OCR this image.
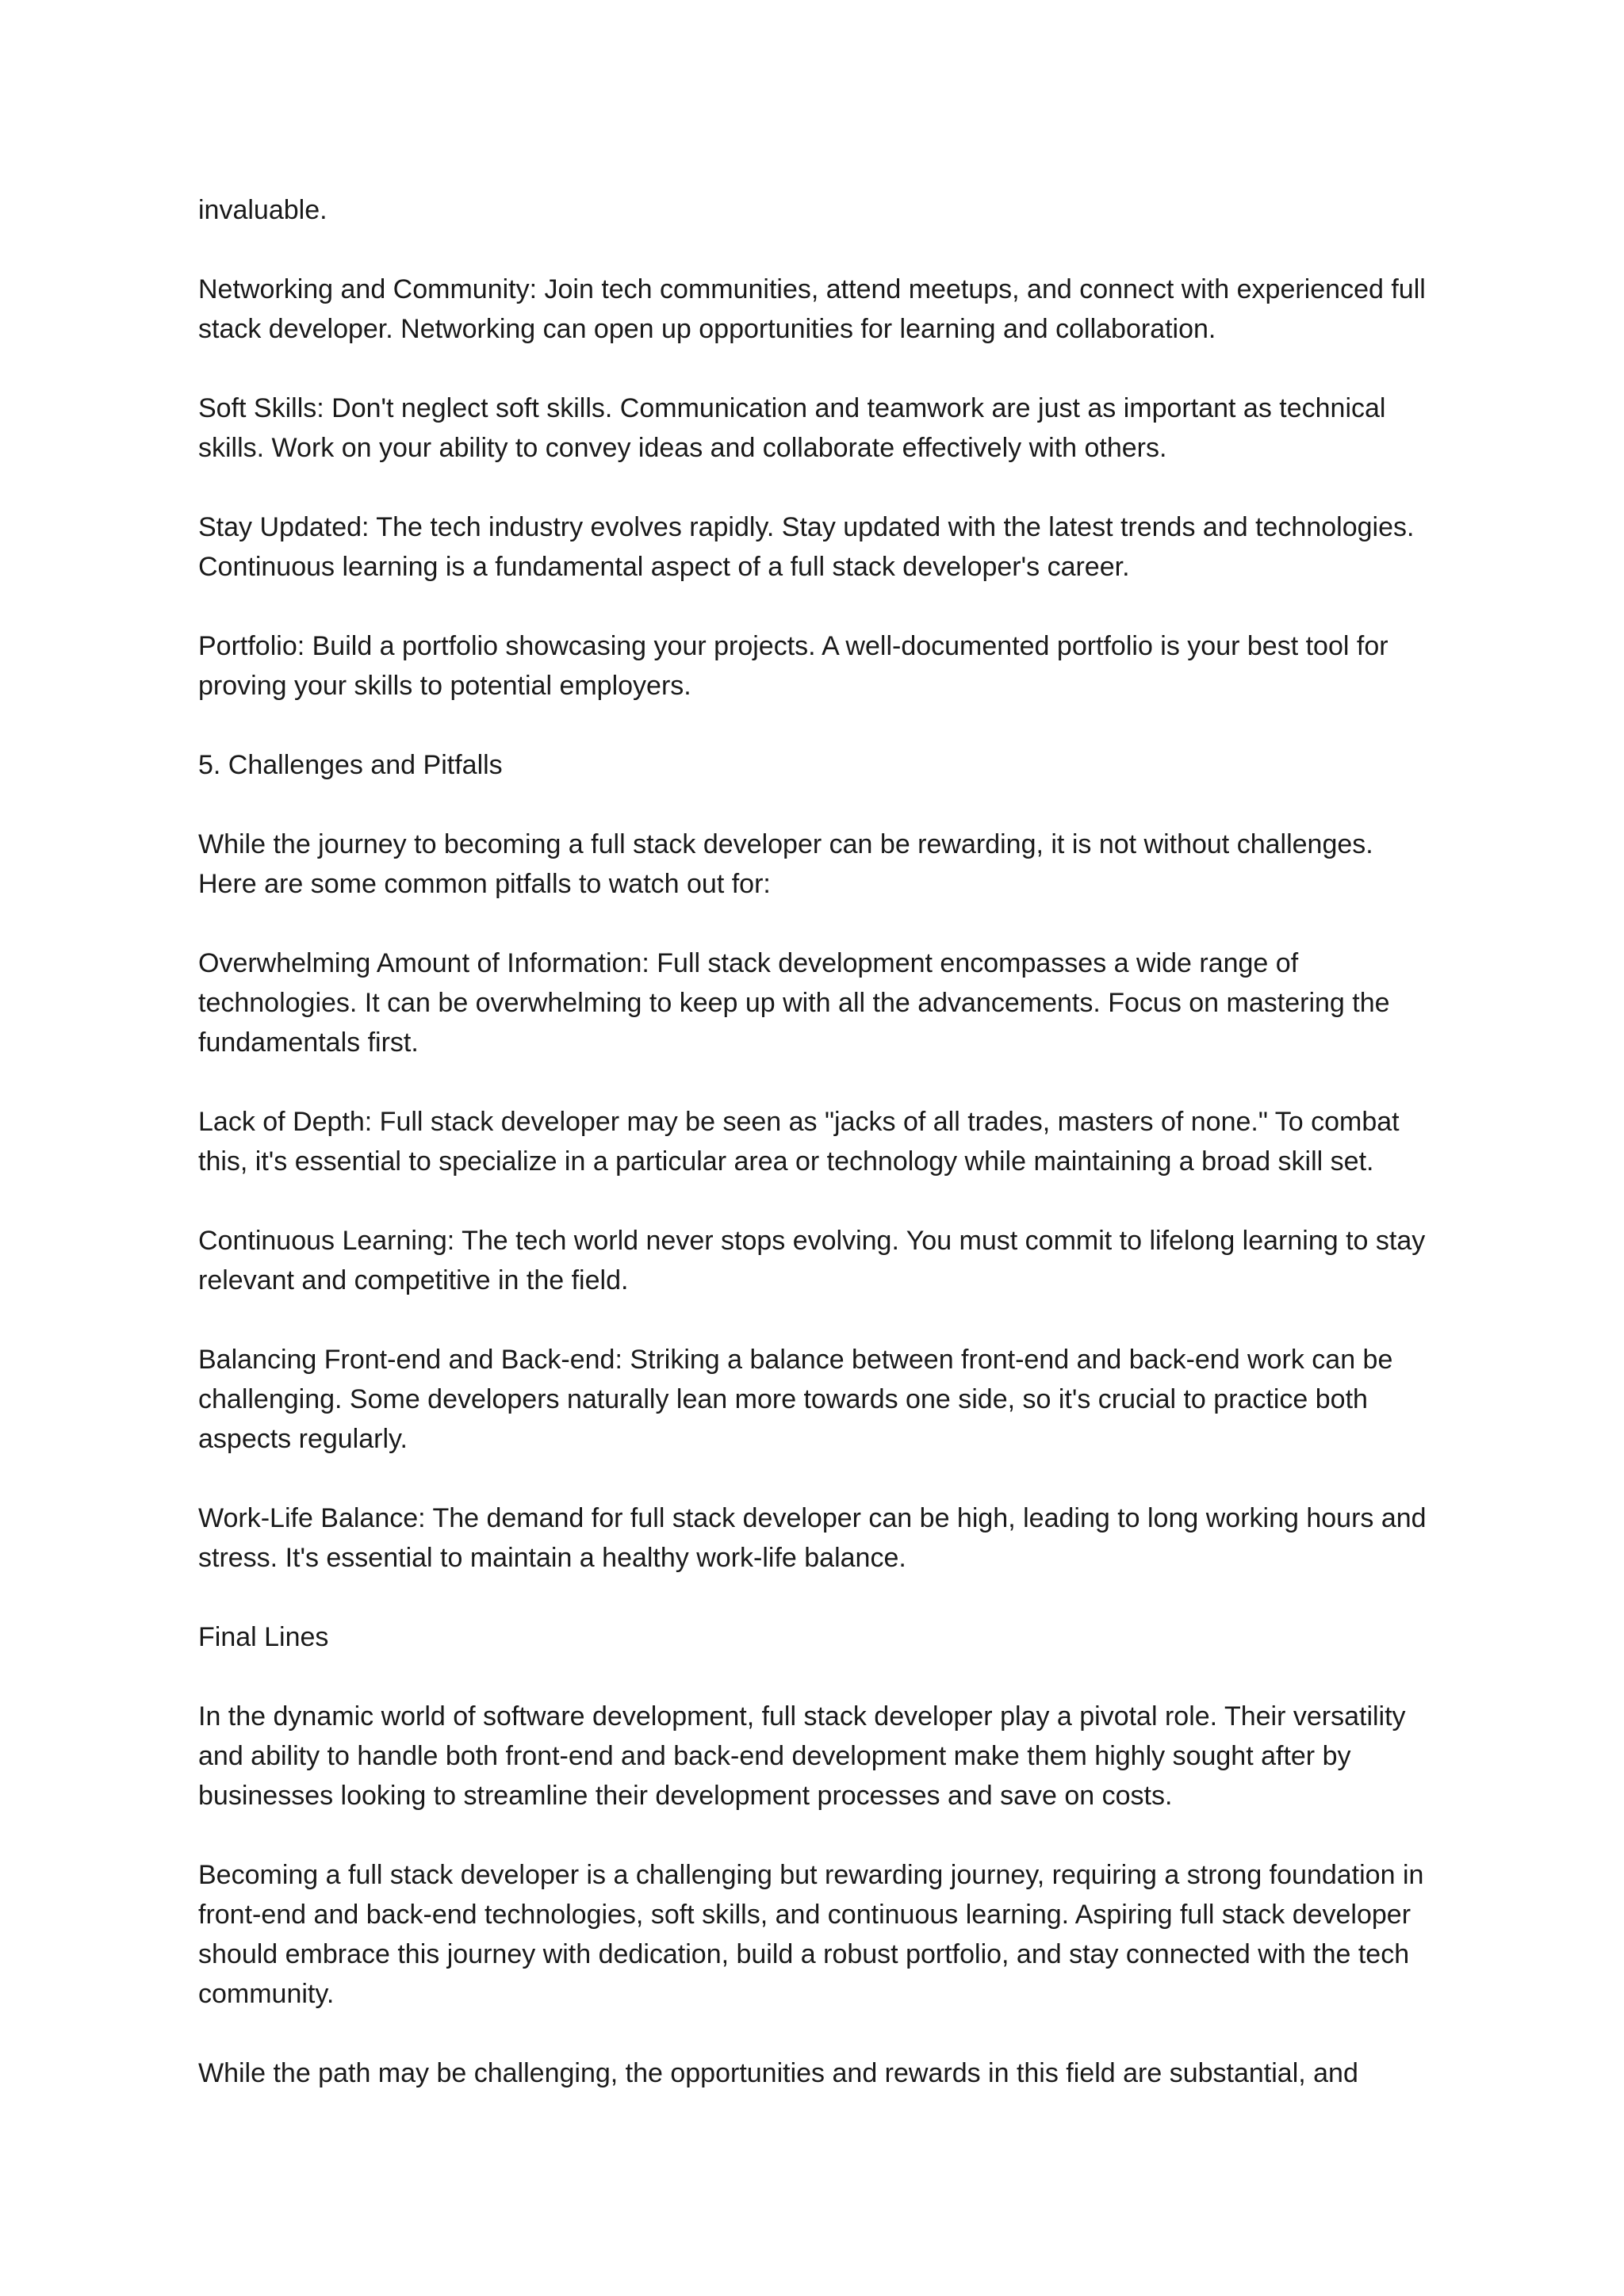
invaluable.

Networking and Community: Join tech communities, attend meetups, and connect with experienced full stack developer. Networking can open up opportunities for learning and collaboration.

Soft Skills: Don't neglect soft skills. Communication and teamwork are just as important as technical skills. Work on your ability to convey ideas and collaborate effectively with others.

Stay Updated: The tech industry evolves rapidly. Stay updated with the latest trends and technologies. Continuous learning is a fundamental aspect of a full stack developer's career.

Portfolio: Build a portfolio showcasing your projects. A well-documented portfolio is your best tool for proving your skills to potential employers.

5. Challenges and Pitfalls

While the journey to becoming a full stack developer can be rewarding, it is not without challenges. Here are some common pitfalls to watch out for:

Overwhelming Amount of Information: Full stack development encompasses a wide range of technologies. It can be overwhelming to keep up with all the advancements. Focus on mastering the fundamentals first.

Lack of Depth: Full stack developer may be seen as "jacks of all trades, masters of none." To combat this, it's essential to specialize in a particular area or technology while maintaining a broad skill set.

Continuous Learning: The tech world never stops evolving. You must commit to lifelong learning to stay relevant and competitive in the field.

Balancing Front-end and Back-end: Striking a balance between front-end and back-end work can be challenging. Some developers naturally lean more towards one side, so it's crucial to practice both aspects regularly.

Work-Life Balance: The demand for full stack developer can be high, leading to long working hours and stress. It's essential to maintain a healthy work-life balance.

Final Lines

In the dynamic world of software development, full stack developer play a pivotal role. Their versatility and ability to handle both front-end and back-end development make them highly sought after by businesses looking to streamline their development processes and save on costs.

Becoming a full stack developer is a challenging but rewarding journey, requiring a strong foundation in front-end and back-end technologies, soft skills, and continuous learning. Aspiring full stack developer should embrace this journey with dedication, build a robust portfolio, and stay connected with the tech community.

While the path may be challenging, the opportunities and rewards in this field are substantial, and
